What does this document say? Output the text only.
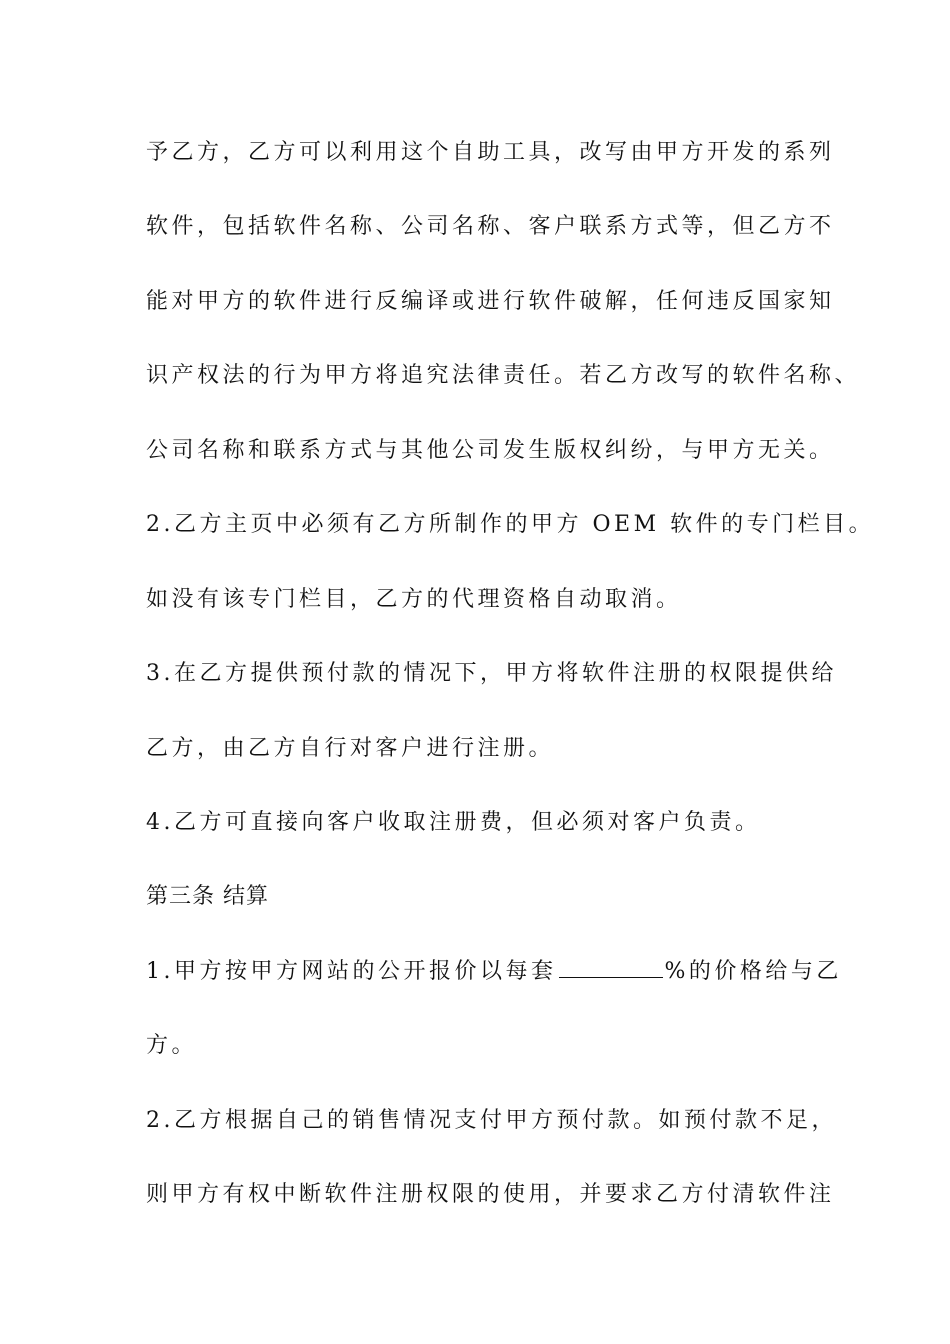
予乙方，乙方可以利用这个自助工具，改写由甲方开发的系列
软件，包括软件名称、公司名称、客户联系方式等，但乙方不
能对甲方的软件进行反编译或进行软件破解，任何违反国家知
识产权法的行为甲方将追究法律责任。若乙方改写的软件名称、
公司名称和联系方式与其他公司发生版权纠纷，与甲方无关。
2.乙方主页中必须有乙方所制作的甲方 OEM 软件的专门栏目。
如没有该专门栏目，乙方的代理资格自动取消。
3.在乙方提供预付款的情况下，甲方将软件注册的权限提供给
乙方，由乙方自行对客户进行注册。
4.乙方可直接向客户收取注册费，但必须对客户负责。
第三条 结算
1.甲方按甲方网站的公开报价以每套	%的价格给与乙
方。
2.乙方根据自己的销售情况支付甲方预付款。如预付款不足，
则甲方有权中断软件注册权限的使用，并要求乙方付清软件注
